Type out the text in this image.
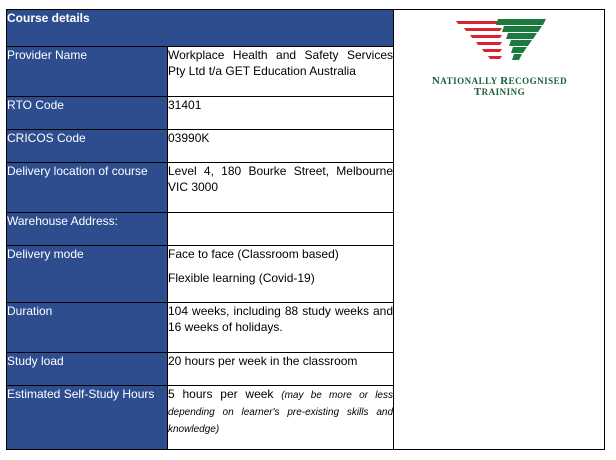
Course details		NATIONALLY RECOGNISED
TRAINING

Provider Name	Workplace Health and Safety Services Pty Ltd t/a GET Education Australia	
RTO Code	31401	
CRICOS Code	03990K	
Delivery location of course	Level 4, 180 Bourke Street, Melbourne VIC 3000	
Warehouse Address:		
Delivery mode	Face to face (Classroom based)

Flexible learning (Covid-19)	

Duration	104 weeks, including 88 study weeks and 16 weeks of holidays.	
Study load	20 hours per week in the classroom	
Estimated Self-Study Hours	5 hours per week (may be more or less depending on learner's pre-existing skills and knowledge)	
